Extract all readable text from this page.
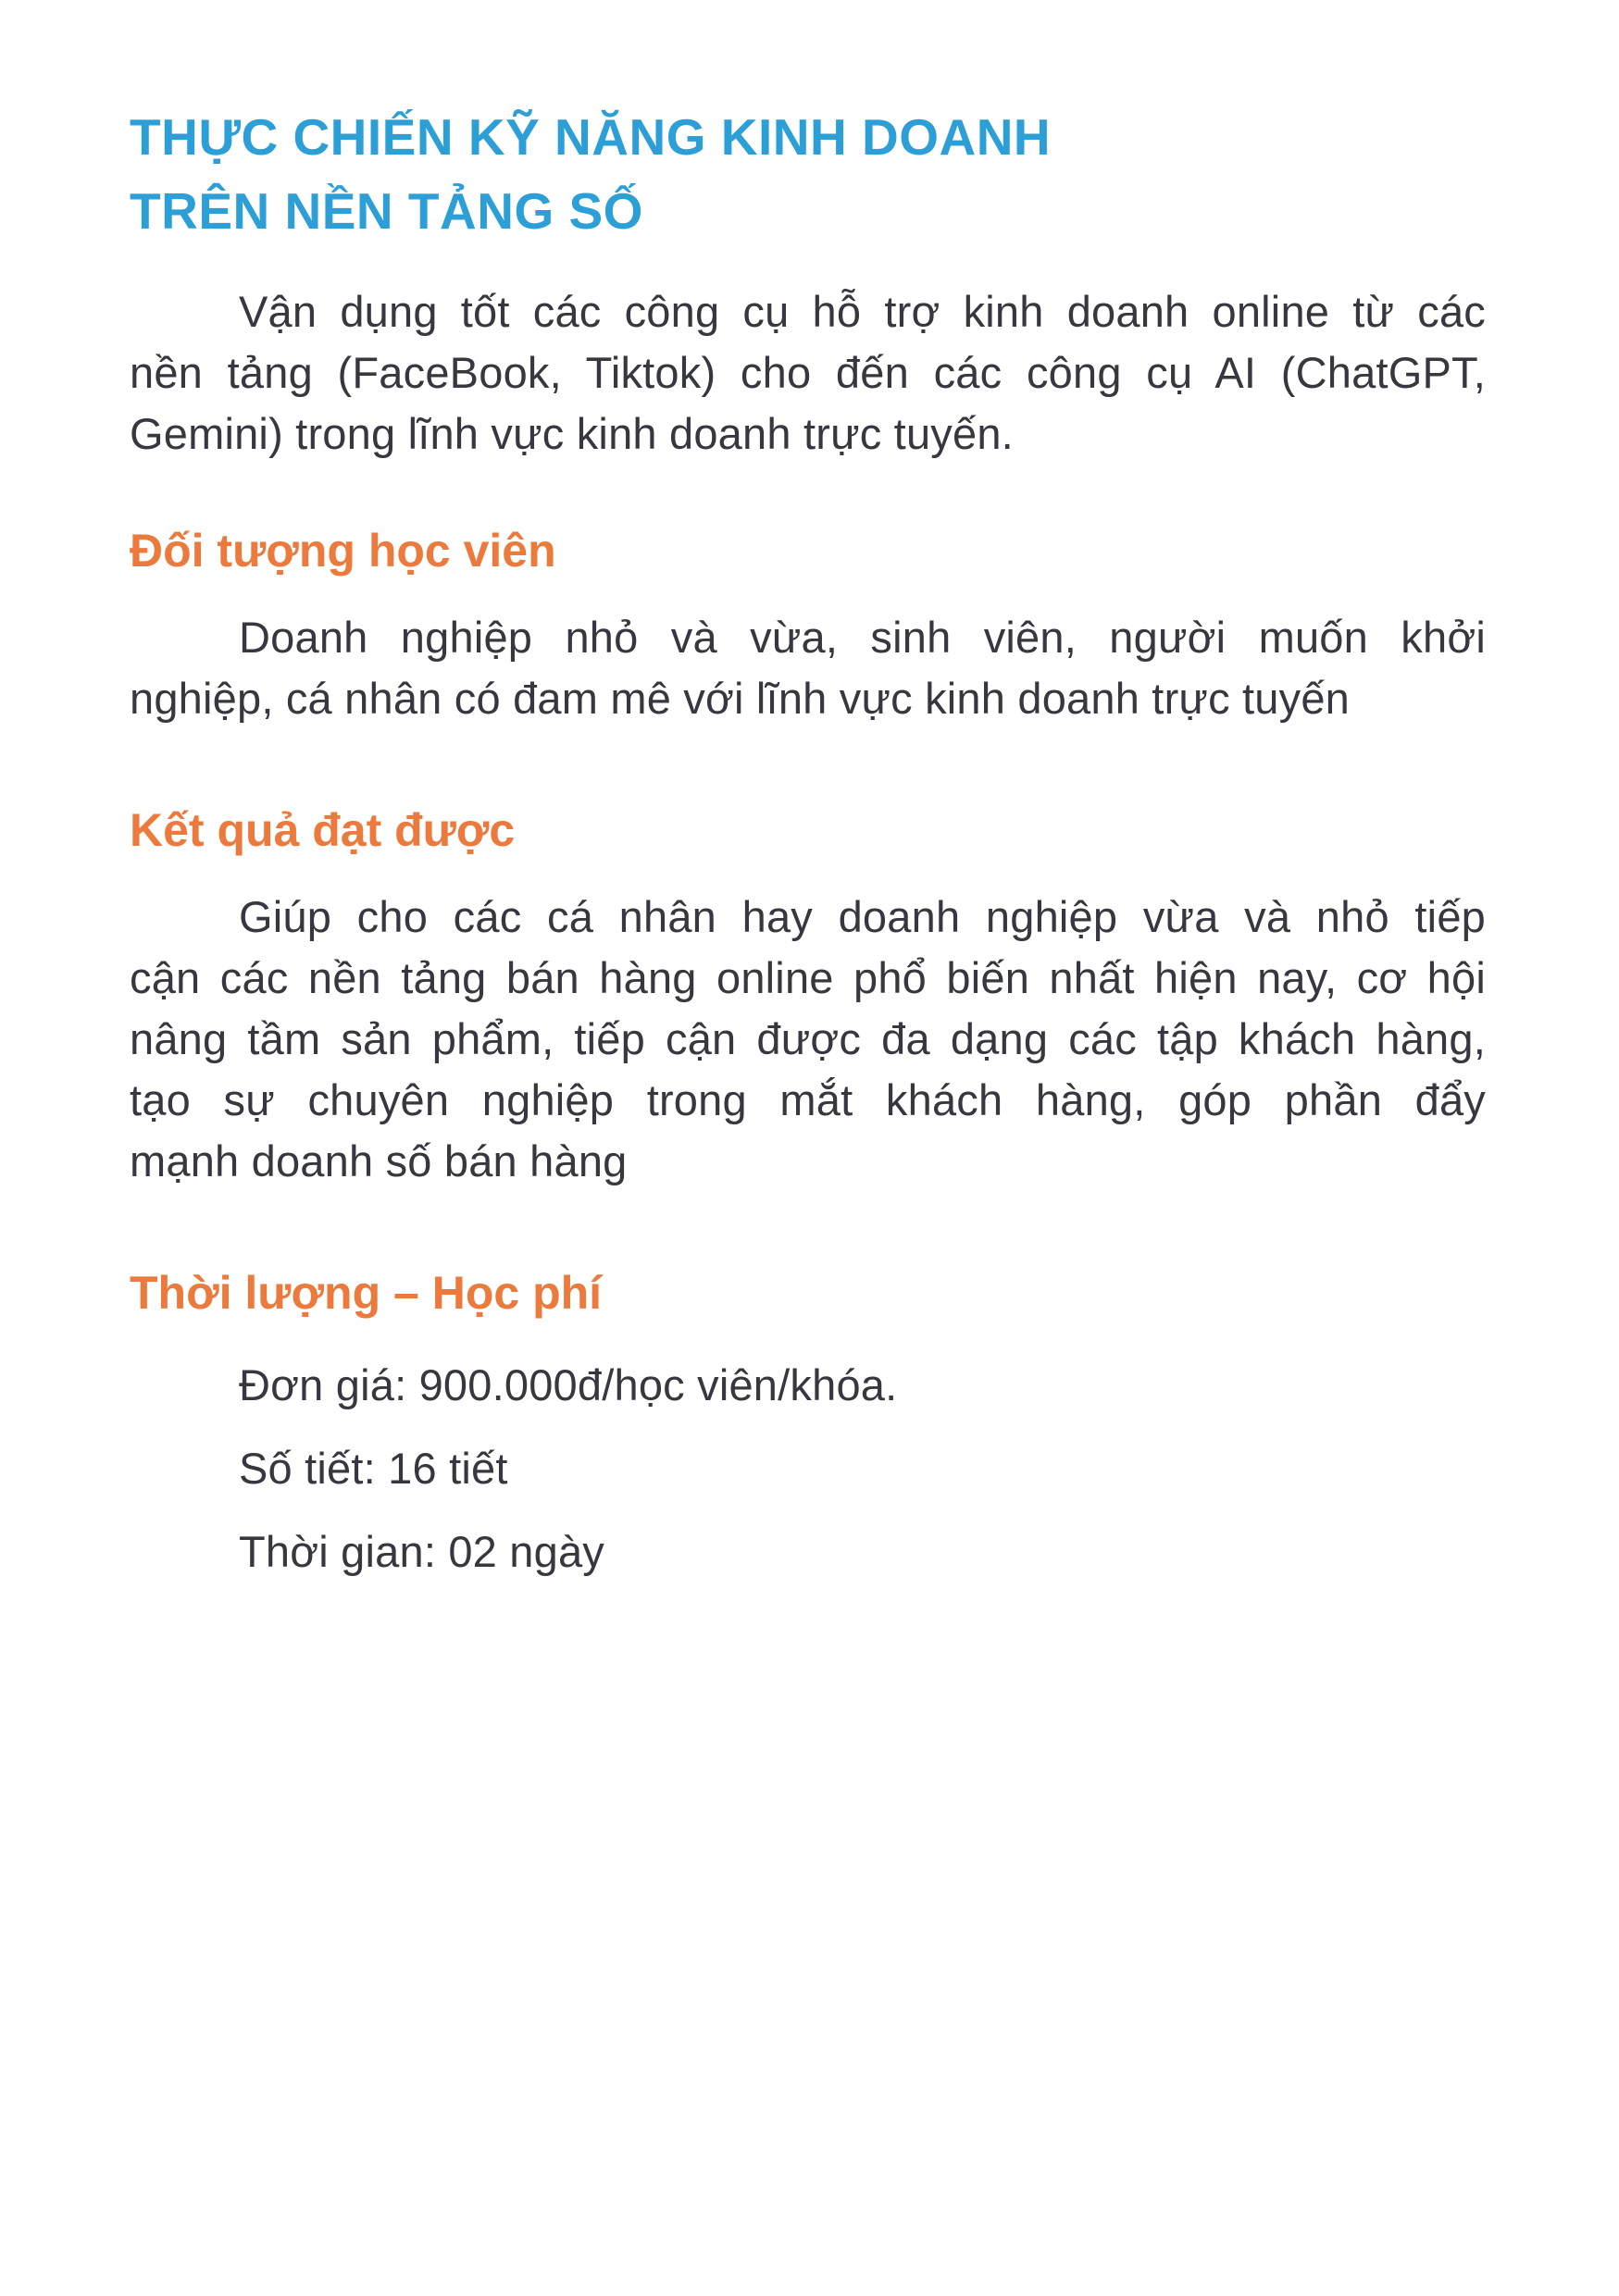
THỰC CHIẾN KỸ NĂNG KINH DOANH
TRÊN NỀN TẢNG SỐ
Vận dụng tốt các công cụ hỗ trợ kinh doanh online từ các
nền tảng (FaceBook, Tiktok) cho đến các công cụ AI (ChatGPT,
Gemini) trong lĩnh vực kinh doanh trực tuyến.
Đối tượng học viên
Doanh nghiệp nhỏ và vừa, sinh viên, người muốn khởi
nghiệp, cá nhân có đam mê với lĩnh vực kinh doanh trực tuyến
Kết quả đạt được
Giúp cho các cá nhân hay doanh nghiệp vừa và nhỏ tiếp
cận các nền tảng bán hàng online phổ biến nhất hiện nay, cơ hội
nâng tầm sản phẩm, tiếp cận được đa dạng các tập khách hàng,
tạo sự chuyên nghiệp trong mắt khách hàng, góp phần đẩy
mạnh doanh số bán hàng
Thời lượng – Học phí
Đơn giá: 900.000đ/học viên/khóa.
Số tiết: 16 tiết
Thời gian: 02 ngày
